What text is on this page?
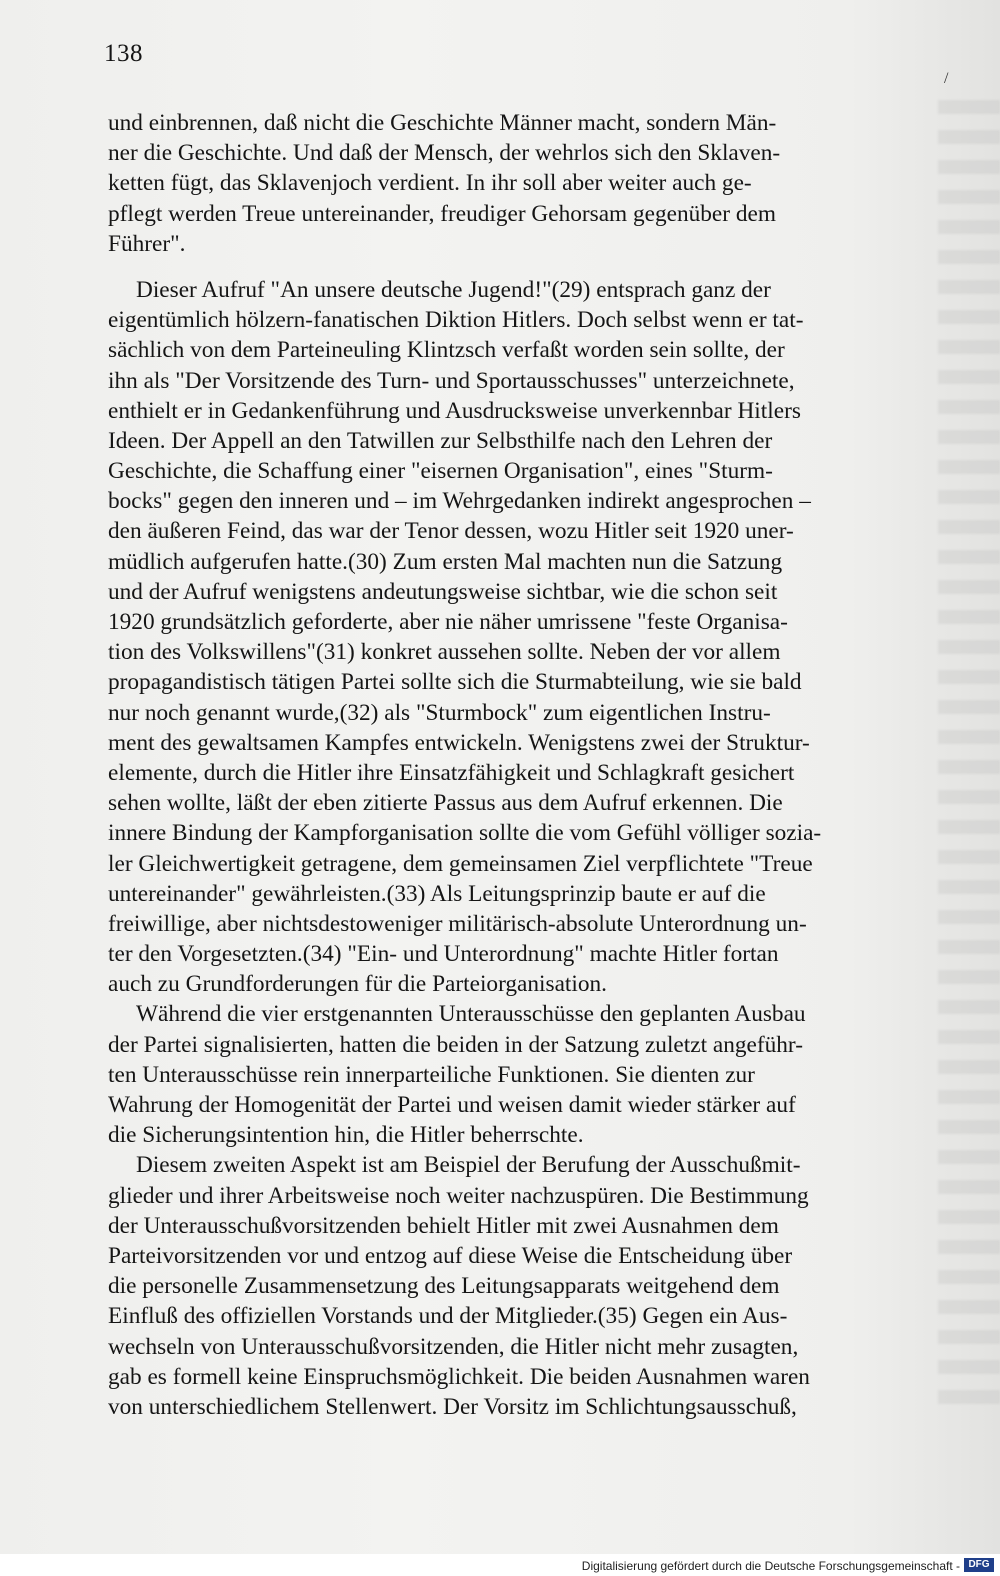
138
/
und einbrennen, daß nicht die Geschichte Männer macht, sondern Män-
ner die Geschichte. Und daß der Mensch, der wehrlos sich den Sklaven-
ketten fügt, das Sklavenjoch verdient. In ihr soll aber weiter auch ge-
pflegt werden Treue untereinander, freudiger Gehorsam gegenüber dem
Führer".
Dieser Aufruf "An unsere deutsche Jugend!"(29) entsprach ganz der
eigentümlich hölzern-fanatischen Diktion Hitlers. Doch selbst wenn er tat-
sächlich von dem Parteineuling Klintzsch verfaßt worden sein sollte, der
ihn als "Der Vorsitzende des Turn- und Sportausschusses" unterzeichnete,
enthielt er in Gedankenführung und Ausdrucksweise unverkennbar Hitlers
Ideen. Der Appell an den Tatwillen zur Selbsthilfe nach den Lehren der
Geschichte, die Schaffung einer "eisernen Organisation", eines "Sturm-
bocks" gegen den inneren und – im Wehrgedanken indirekt angesprochen –
den äußeren Feind, das war der Tenor dessen, wozu Hitler seit 1920 uner-
müdlich aufgerufen hatte.(30) Zum ersten Mal machten nun die Satzung
und der Aufruf wenigstens andeutungsweise sichtbar, wie die schon seit
1920 grundsätzlich geforderte, aber nie näher umrissene "feste Organisa-
tion des Volkswillens"(31) konkret aussehen sollte. Neben der vor allem
propagandistisch tätigen Partei sollte sich die Sturmabteilung, wie sie bald
nur noch genannt wurde,(32) als "Sturmbock" zum eigentlichen Instru-
ment des gewaltsamen Kampfes entwickeln. Wenigstens zwei der Struktur-
elemente, durch die Hitler ihre Einsatzfähigkeit und Schlagkraft gesichert
sehen wollte, läßt der eben zitierte Passus aus dem Aufruf erkennen. Die
innere Bindung der Kampforganisation sollte die vom Gefühl völliger sozia-
ler Gleichwertigkeit getragene, dem gemeinsamen Ziel verpflichtete "Treue
untereinander" gewährleisten.(33) Als Leitungsprinzip baute er auf die
freiwillige, aber nichtsdestoweniger militärisch-absolute Unterordnung un-
ter den Vorgesetzten.(34) "Ein- und Unterordnung" machte Hitler fortan
auch zu Grundforderungen für die Parteiorganisation.
Während die vier erstgenannten Unterausschüsse den geplanten Ausbau
der Partei signalisierten, hatten die beiden in der Satzung zuletzt angeführ-
ten Unterausschüsse rein innerparteiliche Funktionen. Sie dienten zur
Wahrung der Homogenität der Partei und weisen damit wieder stärker auf
die Sicherungsintention hin, die Hitler beherrschte.
Diesem zweiten Aspekt ist am Beispiel der Berufung der Ausschußmit-
glieder und ihrer Arbeitsweise noch weiter nachzuspüren. Die Bestimmung
der Unterausschußvorsitzenden behielt Hitler mit zwei Ausnahmen dem
Parteivorsitzenden vor und entzog auf diese Weise die Entscheidung über
die personelle Zusammensetzung des Leitungsapparats weitgehend dem
Einfluß des offiziellen Vorstands und der Mitglieder.(35) Gegen ein Aus-
wechseln von Unterausschußvorsitzenden, die Hitler nicht mehr zusagten,
gab es formell keine Einspruchsmöglichkeit. Die beiden Ausnahmen waren
von unterschiedlichem Stellenwert. Der Vorsitz im Schlichtungsausschuß,
Digitalisierung gefördert durch die Deutsche Forschungsgemeinschaft - DFG
